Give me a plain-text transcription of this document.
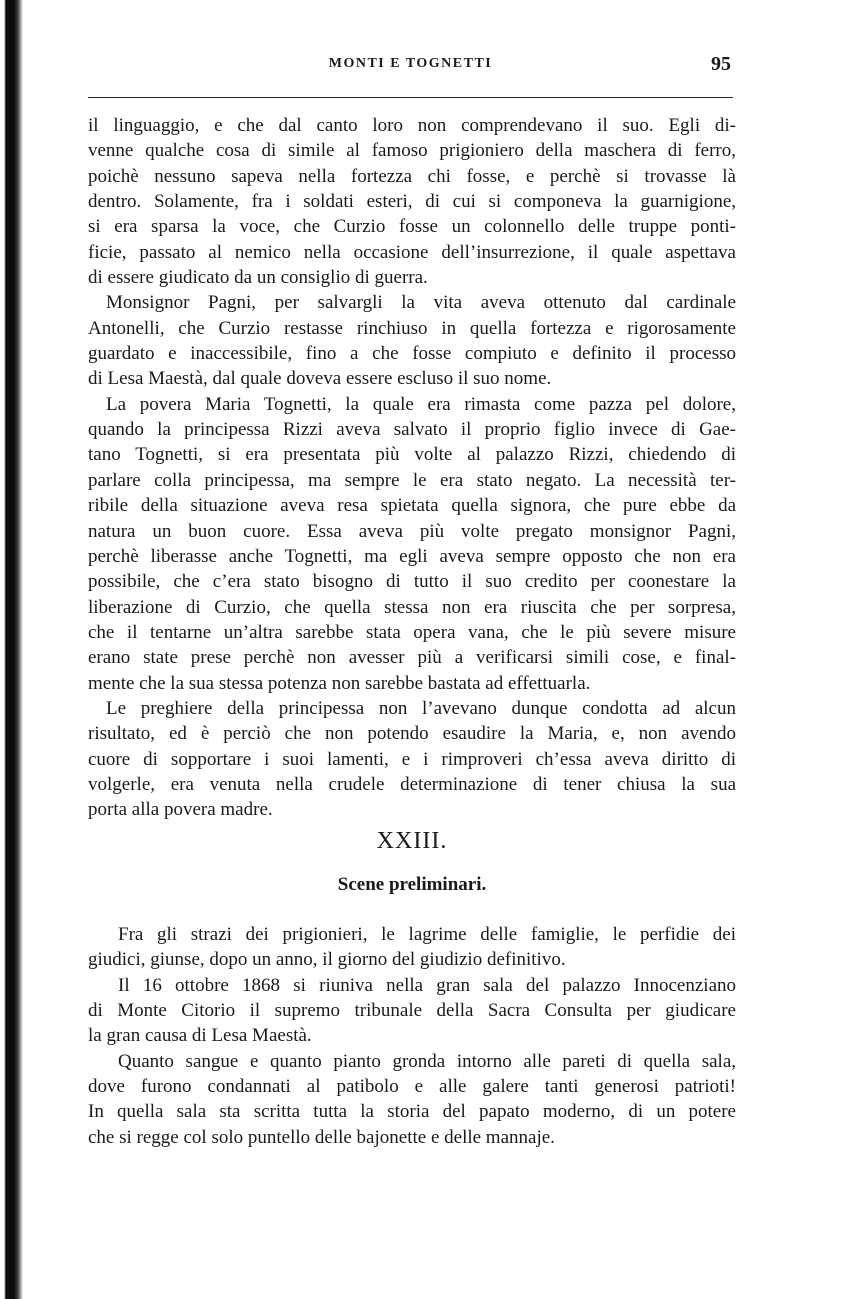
MONTI E TOGNETTI	95
il linguaggio, e che dal canto loro non comprendevano il suo. Egli di-
venne qualche cosa di simile al famoso prigioniero della maschera di ferro,
poichè nessuno sapeva nella fortezza chi fosse, e perchè si trovasse là
dentro. Solamente, fra i soldati esteri, di cui si componeva la guarnigione,
si era sparsa la voce, che Curzio fosse un colonnello delle truppe ponti-
ficie, passato al nemico nella occasione dell’insurrezione, il quale aspettava
di essere giudicato da un consiglio di guerra.
Monsignor Pagni, per salvargli la vita aveva ottenuto dal cardinale
Antonelli, che Curzio restasse rinchiuso in quella fortezza e rigorosamente
guardato e inaccessibile, fino a che fosse compiuto e definito il processo
di Lesa Maestà, dal quale doveva essere escluso il suo nome.
La povera Maria Tognetti, la quale era rimasta come pazza pel dolore,
quando la principessa Rizzi aveva salvato il proprio figlio invece di Gae-
tano Tognetti, si era presentata più volte al palazzo Rizzi, chiedendo di
parlare colla principessa, ma sempre le era stato negato. La necessità ter-
ribile della situazione aveva resa spietata quella signora, che pure ebbe da
natura un buon cuore. Essa aveva più volte pregato monsignor Pagni,
perchè liberasse anche Tognetti, ma egli aveva sempre opposto che non era
possibile, che c’era stato bisogno di tutto il suo credito per coonestare la
liberazione di Curzio, che quella stessa non era riuscita che per sorpresa,
che il tentarne un’altra sarebbe stata opera vana, che le più severe misure
erano state prese perchè non avesser più a verificarsi simili cose, e final-
mente che la sua stessa potenza non sarebbe bastata ad effettuarla.
Le preghiere della principessa non l’avevano dunque condotta ad alcun
risultato, ed è perciò che non potendo esaudire la Maria, e, non avendo
cuore di sopportare i suoi lamenti, e i rimproveri ch’essa aveva diritto di
volgerle, era venuta nella crudele determinazione di tener chiusa la sua
porta alla povera madre.
XXIII.
Scene preliminari.
Fra gli strazi dei prigionieri, le lagrime delle famiglie, le perfidie dei
giudici, giunse, dopo un anno, il giorno del giudizio definitivo.
Il 16 ottobre 1868 si riuniva nella gran sala del palazzo Innocenziano
di Monte Citorio il supremo tribunale della Sacra Consulta per giudicare
la gran causa di Lesa Maestà.
Quanto sangue e quanto pianto gronda intorno alle pareti di quella sala,
dove furono condannati al patibolo e alle galere tanti generosi patrioti!
In quella sala sta scritta tutta la storia del papato moderno, di un potere
che si regge col solo puntello delle bajonette e delle mannaje.
